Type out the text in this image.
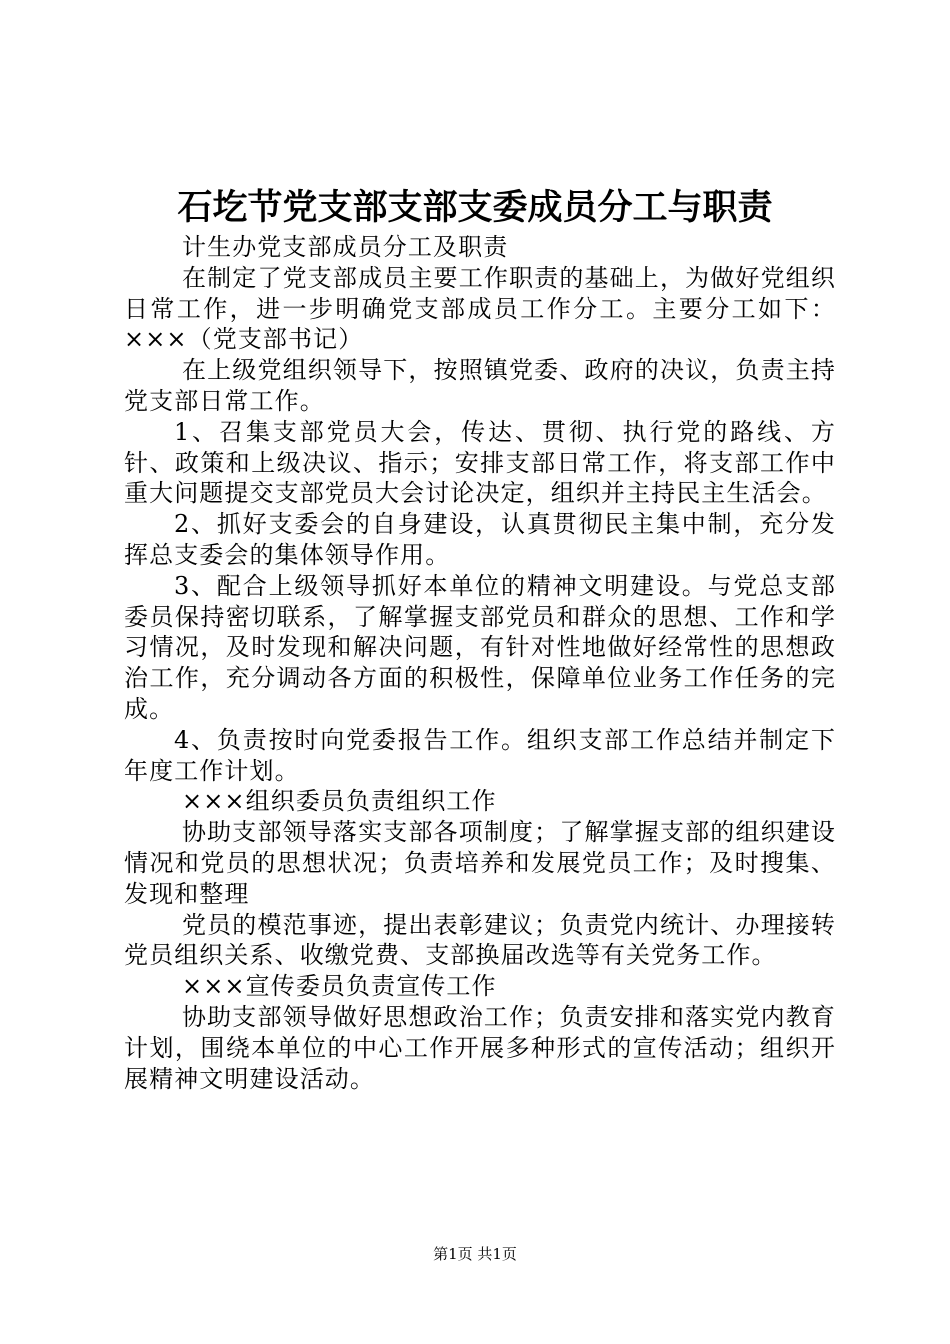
石圪节党支部支部支委成员分工与职责

计生办党支部成员分工及职责

在制定了党支部成员主要工作职责的基础上，为做好党组织日常工作，进一步明确党支部成员工作分工。主要分工如下：×××（党支部书记）

在上级党组织领导下，按照镇党委、政府的决议，负责主持党支部日常工作。

1、召集支部党员大会，传达、贯彻、执行党的路线、方针、政策和上级决议、指示；安排支部日常工作，将支部工作中重大问题提交支部党员大会讨论决定，组织并主持民主生活会。

2、抓好支委会的自身建设，认真贯彻民主集中制，充分发挥总支委会的集体领导作用。

3、配合上级领导抓好本单位的精神文明建设。与党总支部委员保持密切联系，了解掌握支部党员和群众的思想、工作和学习情况，及时发现和解决问题，有针对性地做好经常性的思想政治工作，充分调动各方面的积极性，保障单位业务工作任务的完成。

4、负责按时向党委报告工作。组织支部工作总结并制定下年度工作计划。

×××组织委员负责组织工作

协助支部领导落实支部各项制度；了解掌握支部的组织建设情况和党员的思想状况；负责培养和发展党员工作；及时搜集、发现和整理

党员的模范事迹，提出表彰建议；负责党内统计、办理接转党员组织关系、收缴党费、支部换届改选等有关党务工作。

×××宣传委员负责宣传工作

协助支部领导做好思想政治工作；负责安排和落实党内教育计划，围绕本单位的中心工作开展多种形式的宣传活动；组织开展精神文明建设活动。

第1页 共1页
